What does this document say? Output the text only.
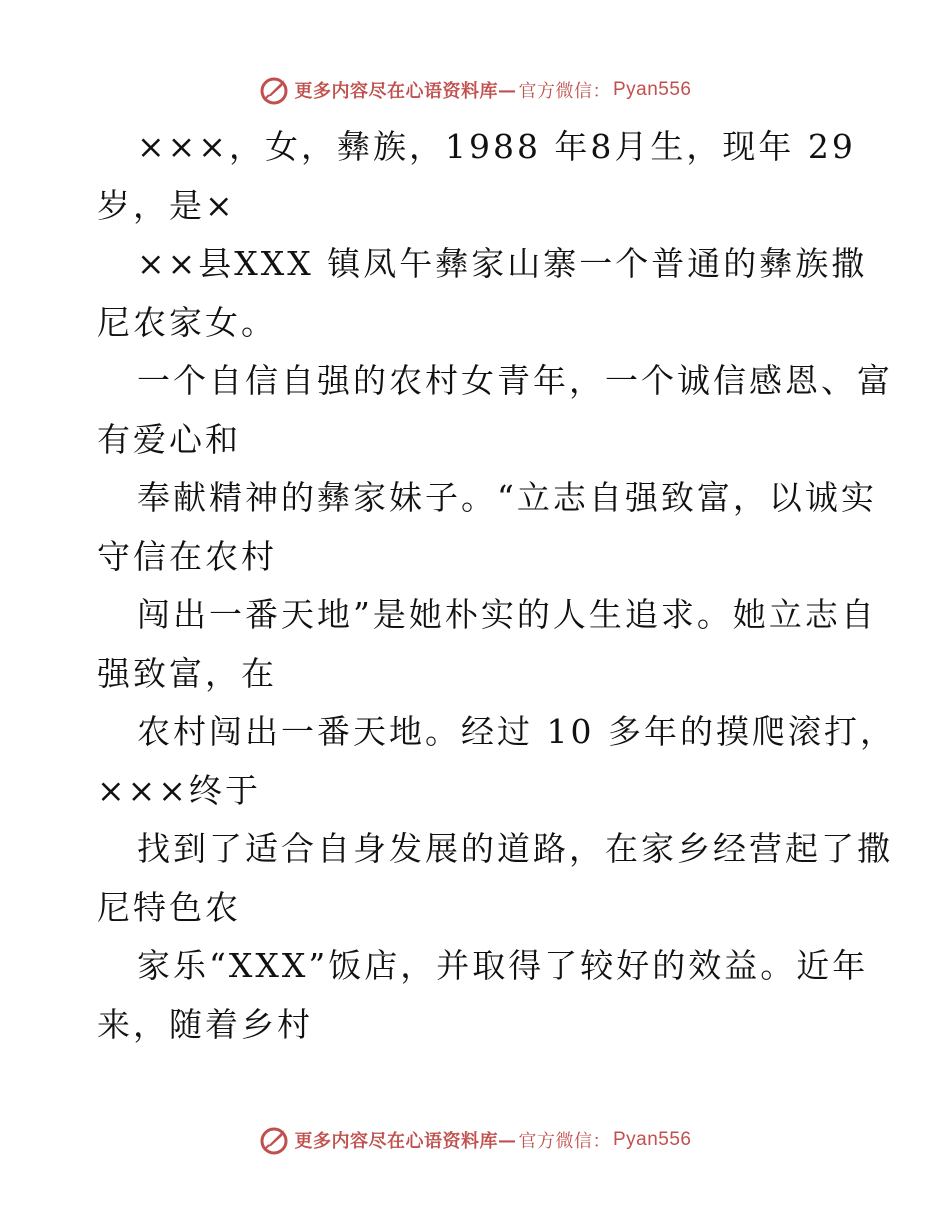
更多内容尽在心语资料库 — 官方微信： Pyan556
×××，女，彝族，1988 年8月生，现年 29
岁，是×
××县XXX 镇凤午彝家山寨一个普通的彝族撒
尼农家女。
一个自信自强的农村女青年，一个诚信感恩、富
有爱心和
奉献精神的彝家妹子。“立志自强致富，以诚实
守信在农村
闯出一番天地”是她朴实的人生追求。她立志自
强致富，在
农村闯出一番天地。经过 10 多年的摸爬滚打，
×××终于
找到了适合自身发展的道路，在家乡经营起了撒
尼特色农
家乐“XXX”饭店，并取得了较好的效益。近年
来，随着乡村
更多内容尽在心语资料库 — 官方微信： Pyan556
